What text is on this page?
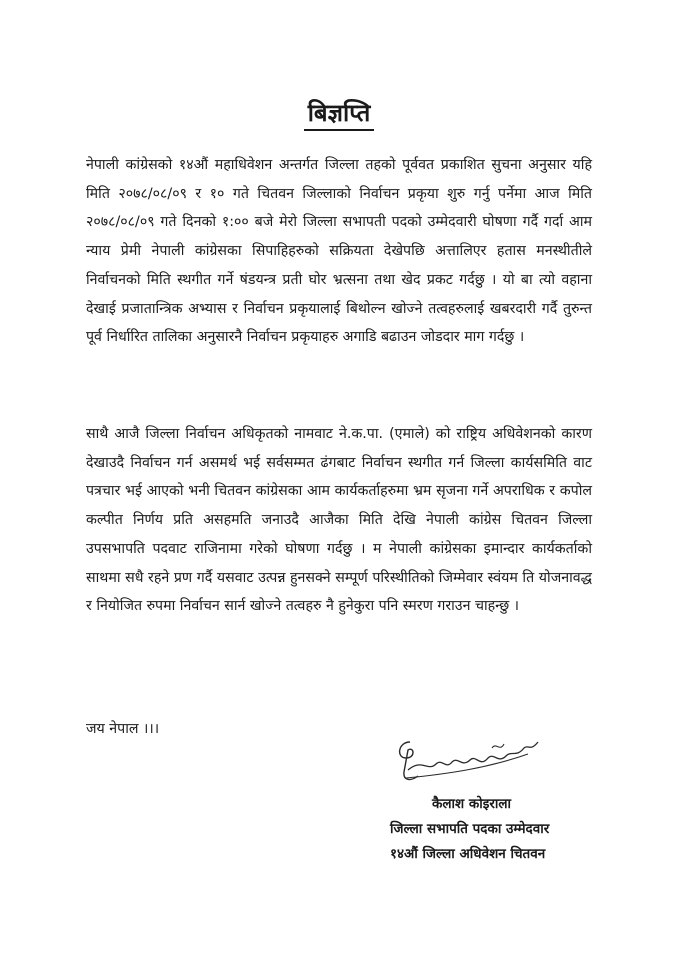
बिज्ञप्ति

नेपाली कांग्रेसको १४औं महाधिवेशन अन्तर्गत जिल्ला तहको पूर्ववत प्रकाशित सुचना अनुसार यहि मिति २०७८/०८/०९ र १० गते चितवन जिल्लाको निर्वाचन प्रकृया शुरु गर्नु पर्नेमा आज मिति २०७८/०८/०९ गते दिनको १:०० बजे मेरो जिल्ला सभापती पदको उम्मेदवारी घोषणा गर्दै गर्दा आम न्याय प्रेमी नेपाली कांग्रेसका सिपाहिहरुको सक्रियता देखेपछि अत्तालिएर हतास मनस्थीतीले निर्वाचनको मिति स्थगीत गर्ने षंडयन्त्र प्रती घोर भ्रत्सना तथा खेद प्रकट गर्दछु । यो बा त्यो वहाना देखाई प्रजातान्त्रिक अभ्यास र निर्वाचन प्रकृयालाई बिथोल्न खोज्ने तत्वहरुलाई खबरदारी गर्दै तुरुन्त पूर्व निर्धारित तालिका अनुसारनै निर्वाचन प्रकृयाहरु अगाडि बढाउन जोडदार माग गर्दछु ।

साथै आजै जिल्ला निर्वाचन अधिकृतको नामवाट ने.क.पा. (एमाले) को राष्ट्रिय अधिवेशनको कारण देखाउदै निर्वाचन गर्न असमर्थ भई सर्वसम्मत ढंगबाट निर्वाचन स्थगीत गर्न जिल्ला कार्यसमिति वाट पत्रचार भई आएको भनी चितवन कांग्रेसका आम कार्यकर्ताहरुमा भ्रम सृजना गर्ने अपराधिक र कपोल कल्पीत निर्णय प्रति असहमति जनाउदै आजैका मिति देखि नेपाली कांग्रेस चितवन जिल्ला उपसभापति पदवाट राजिनामा गरेको घोषणा गर्दछु । म नेपाली कांग्रेसका इमान्दार कार्यकर्ताको साथमा सधै रहने प्रण गर्दै यसवाट उत्पन्न हुनसक्ने सम्पूर्ण परिस्थीतिको जिम्मेवार स्वंयम ति योजनावद्ध र नियोजित रुपमा निर्वाचन सार्न खोज्ने तत्वहरु नै हुनेकुरा पनि स्मरण गराउन चाहन्छु ।

जय नेपाल ।।।

कैलाश कोइराला
जिल्ला सभापति पदका उम्मेदवार
१४औं जिल्ला अधिवेशन चितवन
